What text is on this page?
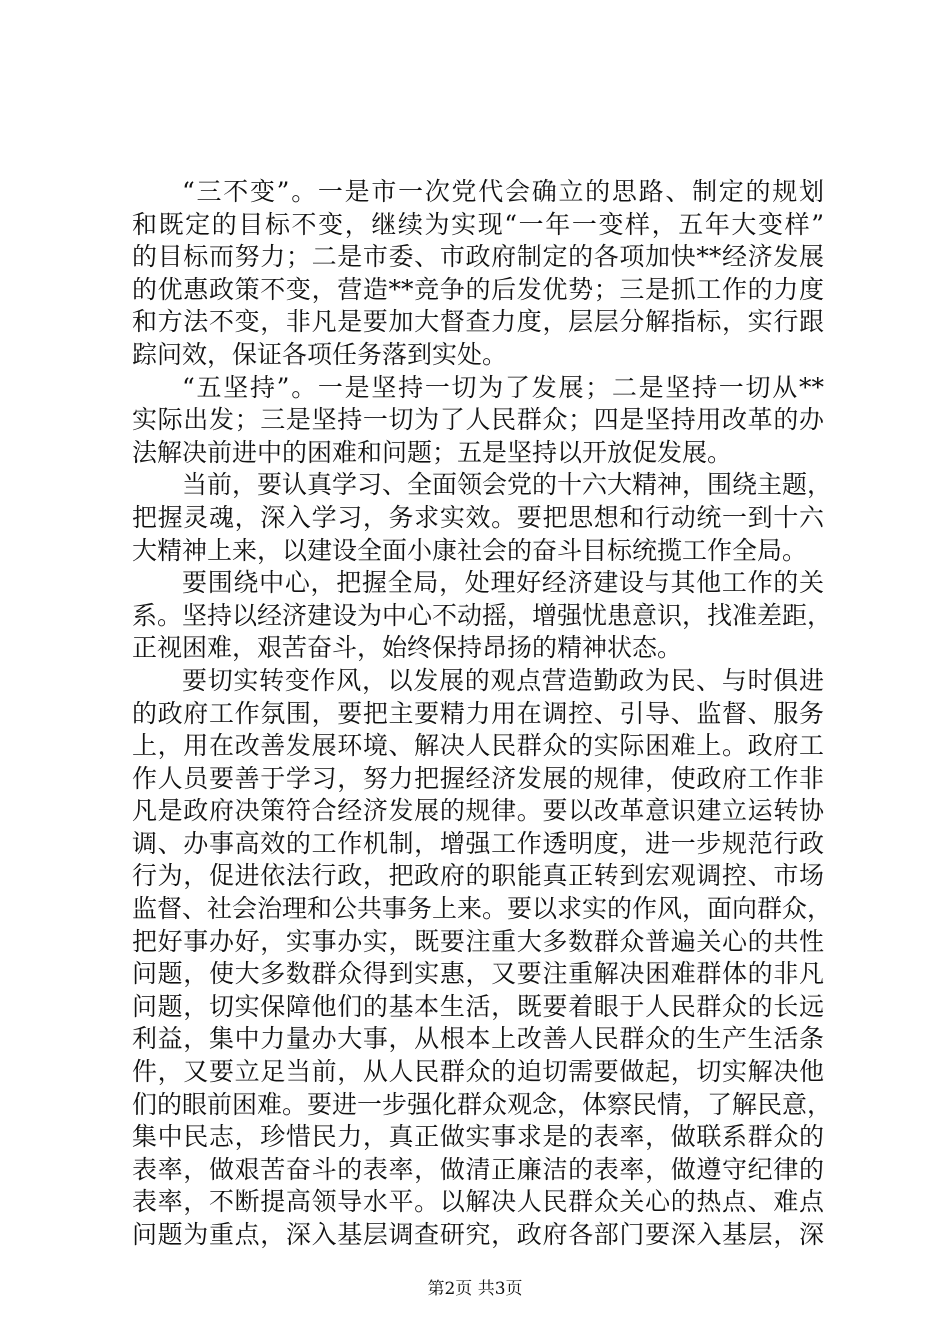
“三不变”。一是市一次党代会确立的思路、制定的规划
和既定的目标不变，继续为实现“一年一变样，五年大变样”
的目标而努力；二是市委、市政府制定的各项加快**经济发展
的优惠政策不变，营造**竞争的后发优势；三是抓工作的力度
和方法不变，非凡是要加大督查力度，层层分解指标，实行跟
踪问效，保证各项任务落到实处。
“五坚持”。一是坚持一切为了发展；二是坚持一切从**
实际出发；三是坚持一切为了人民群众；四是坚持用改革的办
法解决前进中的困难和问题；五是坚持以开放促发展。
当前，要认真学习、全面领会党的十六大精神，围绕主题，
把握灵魂，深入学习，务求实效。要把思想和行动统一到十六
大精神上来，以建设全面小康社会的奋斗目标统揽工作全局。
要围绕中心，把握全局，处理好经济建设与其他工作的关
系。坚持以经济建设为中心不动摇，增强忧患意识，找准差距，
正视困难，艰苦奋斗，始终保持昂扬的精神状态。
要切实转变作风，以发展的观点营造勤政为民、与时俱进
的政府工作氛围，要把主要精力用在调控、引导、监督、服务
上，用在改善发展环境、解决人民群众的实际困难上。政府工
作人员要善于学习，努力把握经济发展的规律，使政府工作非
凡是政府决策符合经济发展的规律。要以改革意识建立运转协
调、办事高效的工作机制，增强工作透明度，进一步规范行政
行为，促进依法行政，把政府的职能真正转到宏观调控、市场
监督、社会治理和公共事务上来。要以求实的作风，面向群众，
把好事办好，实事办实，既要注重大多数群众普遍关心的共性
问题，使大多数群众得到实惠，又要注重解决困难群体的非凡
问题，切实保障他们的基本生活，既要着眼于人民群众的长远
利益，集中力量办大事，从根本上改善人民群众的生产生活条
件，又要立足当前，从人民群众的迫切需要做起，切实解决他
们的眼前困难。要进一步强化群众观念，体察民情，了解民意，
集中民志，珍惜民力，真正做实事求是的表率，做联系群众的
表率，做艰苦奋斗的表率，做清正廉洁的表率，做遵守纪律的
表率，不断提高领导水平。以解决人民群众关心的热点、难点
问题为重点，深入基层调查研究，政府各部门要深入基层，深
第2页 共3页
